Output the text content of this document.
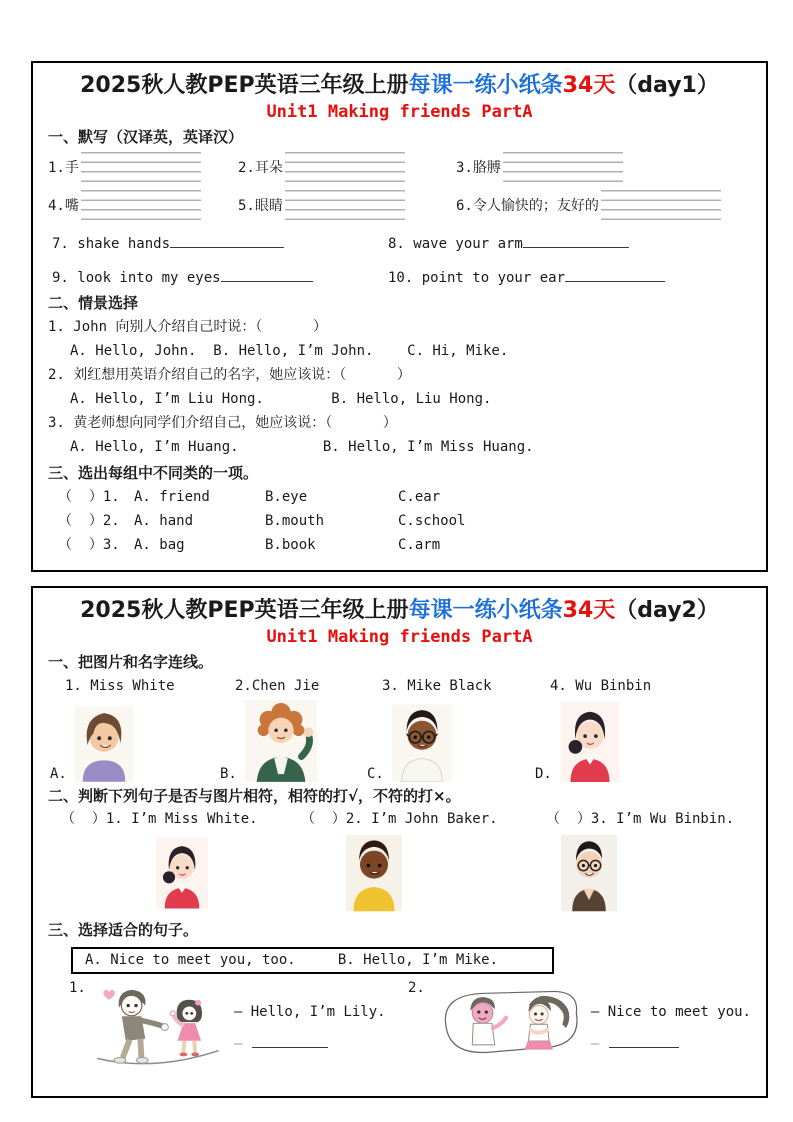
2025秋人教PEP英语三年级上册每课一练小纸条34天（day1）
Unit1 Making friends PartA
一、默写（汉译英，英译汉）
1.手	2.耳朵	3.胳膊
4.嘴	5.眼睛	6.令人愉快的；友好的
7. shake hands	8. wave your arm
9. look into my eyes	10. point to your ear
二、情景选择
1. John 向别人介绍自己时说：（      ）
A. Hello, John.  B. Hello, I’m John.    C. Hi, Mike.
2. 刘红想用英语介绍自己的名字，她应该说：（      ）
A. Hello, I’m Liu Hong.        B. Hello, Liu Hong.
3. 黄老师想向同学们介绍自己，她应该说：（      ）
A. Hello, I’m Huang.          B. Hello, I’m Miss Huang.
三、选出每组中不同类的一项。
（  ）1.	A. friend	B.eye	C.ear
（  ）2.	A. hand	B.mouth	C.school
（  ）3.	A. bag	B.book	C.arm
2025秋人教PEP英语三年级上册每课一练小纸条34天（day2）
Unit1 Making friends PartA
一、把图片和名字连线。
1. Miss White	2.Chen Jie	3. Mike Black	4. Wu Binbin
A.	B.	C.	D.
二、判断下列句子是否与图片相符，相符的打√，不符的打×。
（  ）1. I’m Miss White.	（  ）2. I’m John Baker.	（  ）3. I’m Wu Binbin.
三、选择适合的句子。
A. Nice to meet you, too.     B. Hello, I’m Mike.
1.
— Hello, I’m Lily.
—
2.
— Nice to meet you.
—
